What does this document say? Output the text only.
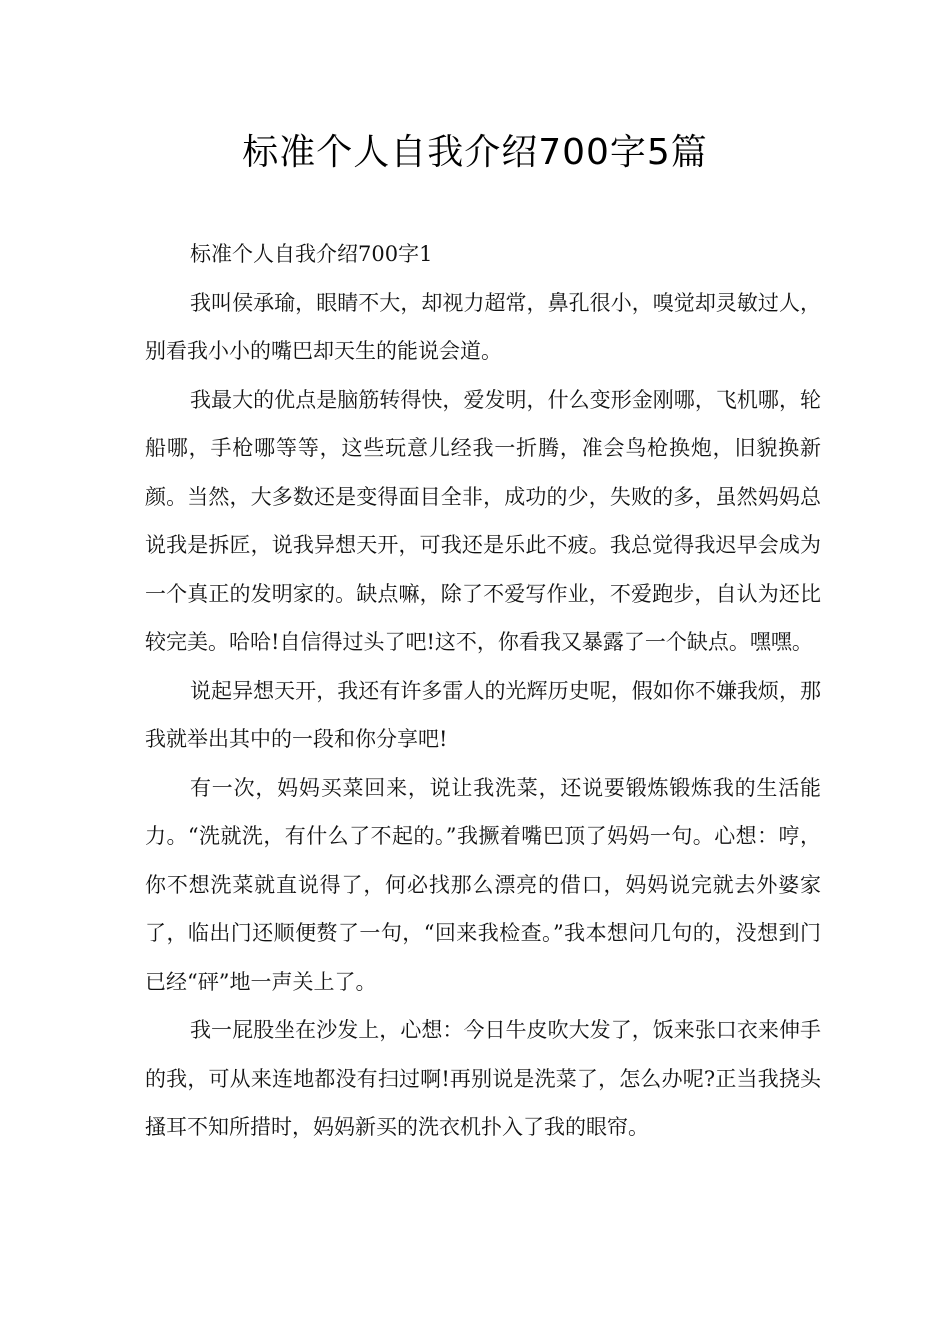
标准个人自我介绍700字5篇

标准个人自我介绍700字1

我叫侯承瑜，眼睛不大，却视力超常，鼻孔很小，嗅觉却灵敏过人，别看我小小的嘴巴却天生的能说会道。

我最大的优点是脑筋转得快，爱发明，什么变形金刚哪，飞机哪，轮船哪，手枪哪等等，这些玩意儿经我一折腾，准会鸟枪换炮，旧貌换新颜。当然，大多数还是变得面目全非，成功的少，失败的多，虽然妈妈总说我是拆匠，说我异想天开，可我还是乐此不疲。我总觉得我迟早会成为一个真正的发明家的。缺点嘛，除了不爱写作业，不爱跑步，自认为还比较完美。哈哈!自信得过头了吧!这不，你看我又暴露了一个缺点。嘿嘿。

说起异想天开，我还有许多雷人的光辉历史呢，假如你不嫌我烦，那我就举出其中的一段和你分享吧!

有一次，妈妈买菜回来，说让我洗菜，还说要锻炼锻炼我的生活能力。“洗就洗，有什么了不起的。”我撅着嘴巴顶了妈妈一句。心想：哼，你不想洗菜就直说得了，何必找那么漂亮的借口，妈妈说完就去外婆家了，临出门还顺便赘了一句，“回来我检查。”我本想问几句的，没想到门已经“砰”地一声关上了。

我一屁股坐在沙发上，心想：今日牛皮吹大发了，饭来张口衣来伸手的我，可从来连地都没有扫过啊!再别说是洗菜了，怎么办呢?正当我挠头搔耳不知所措时，妈妈新买的洗衣机扑入了我的眼帘。
